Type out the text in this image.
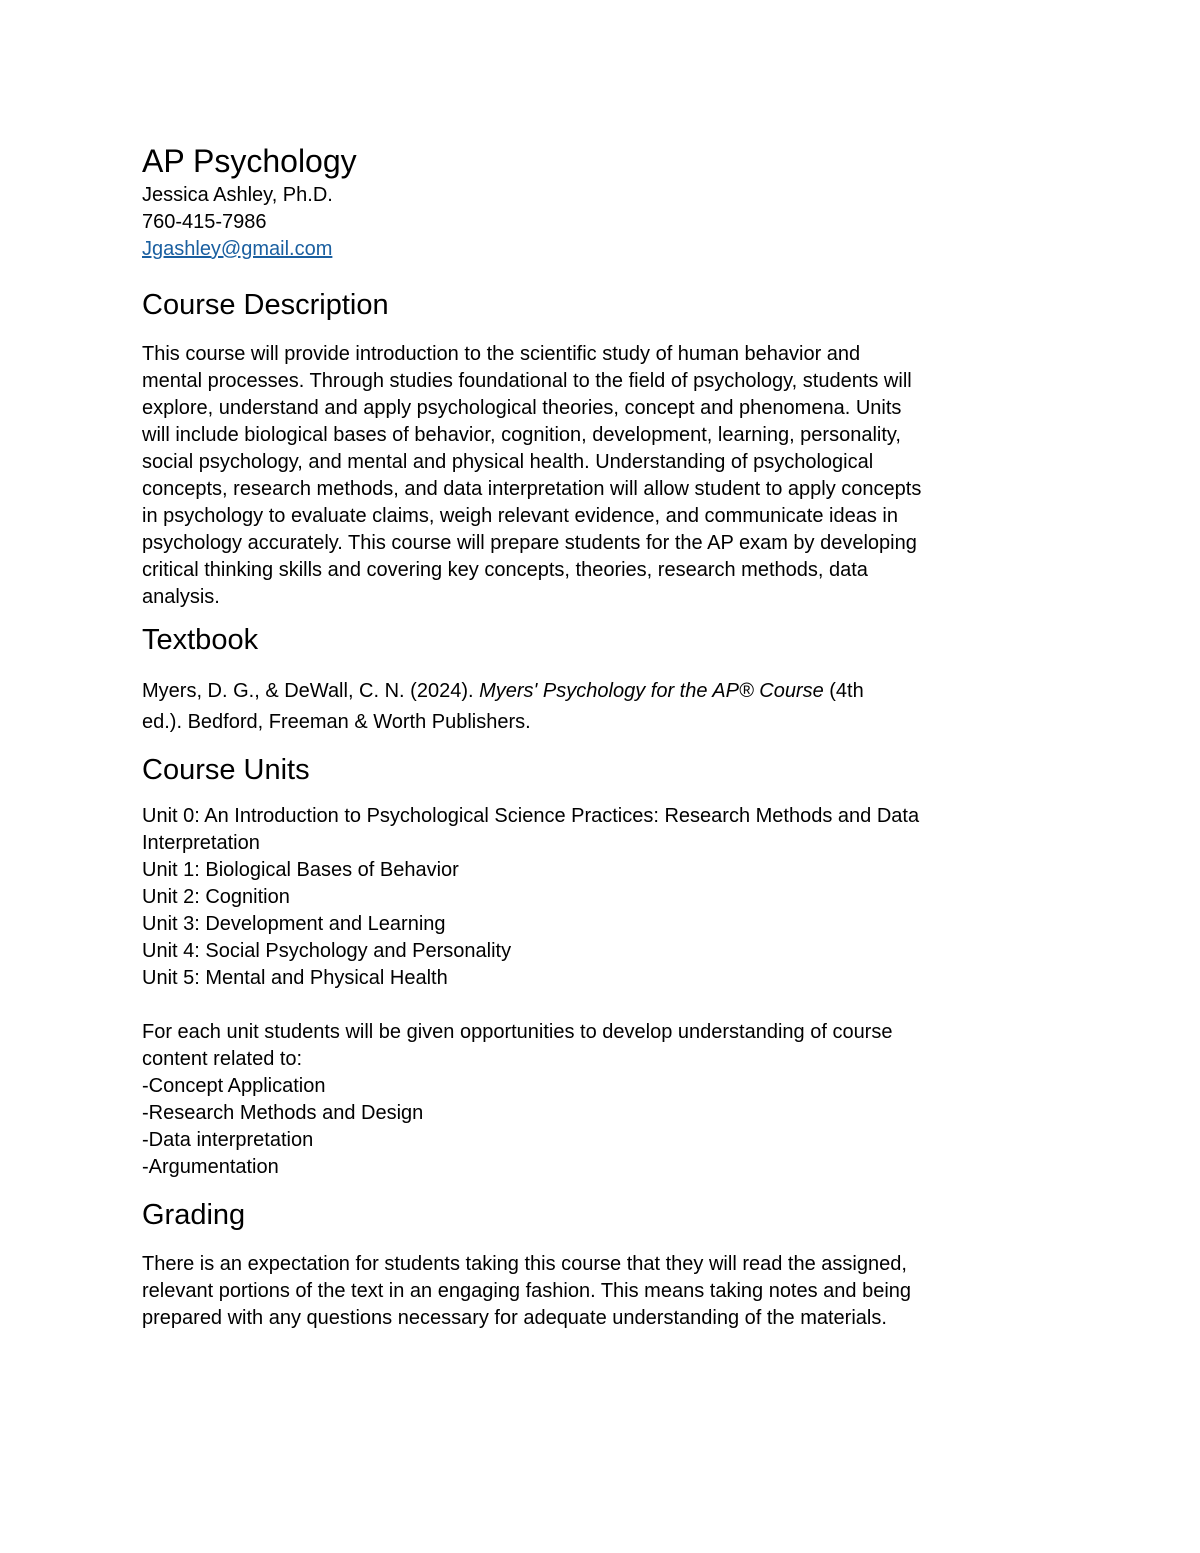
AP Psychology
Jessica Ashley, Ph.D.
760-415-7986
Jgashley@gmail.com
Course Description
This course will provide introduction to the scientific study of human behavior and
mental processes. Through studies foundational to the field of psychology, students will
explore, understand and apply psychological theories, concept and phenomena. Units
will include biological bases of behavior, cognition, development, learning, personality,
social psychology, and mental and physical health. Understanding of psychological
concepts, research methods, and data interpretation will allow student to apply concepts
in psychology to evaluate claims, weigh relevant evidence, and communicate ideas in
psychology accurately. This course will prepare students for the AP exam by developing
critical thinking skills and covering key concepts, theories, research methods, data
analysis.
Textbook

Myers, D. G., & DeWall, C. N. (2024). Myers' Psychology for the AP® Course (4th
ed.). Bedford, Freeman & Worth Publishers.

Course Units
Unit 0: An Introduction to Psychological Science Practices: Research Methods and Data
Interpretation
Unit 1: Biological Bases of Behavior
Unit 2: Cognition
Unit 3: Development and Learning
Unit 4: Social Psychology and Personality
Unit 5: Mental and Physical Health
For each unit students will be given opportunities to develop understanding of course
content related to:
-Concept Application
-Research Methods and Design
-Data interpretation
-Argumentation
Grading
There is an expectation for students taking this course that they will read the assigned,
relevant portions of the text in an engaging fashion. This means taking notes and being
prepared with any questions necessary for adequate understanding of the materials.
